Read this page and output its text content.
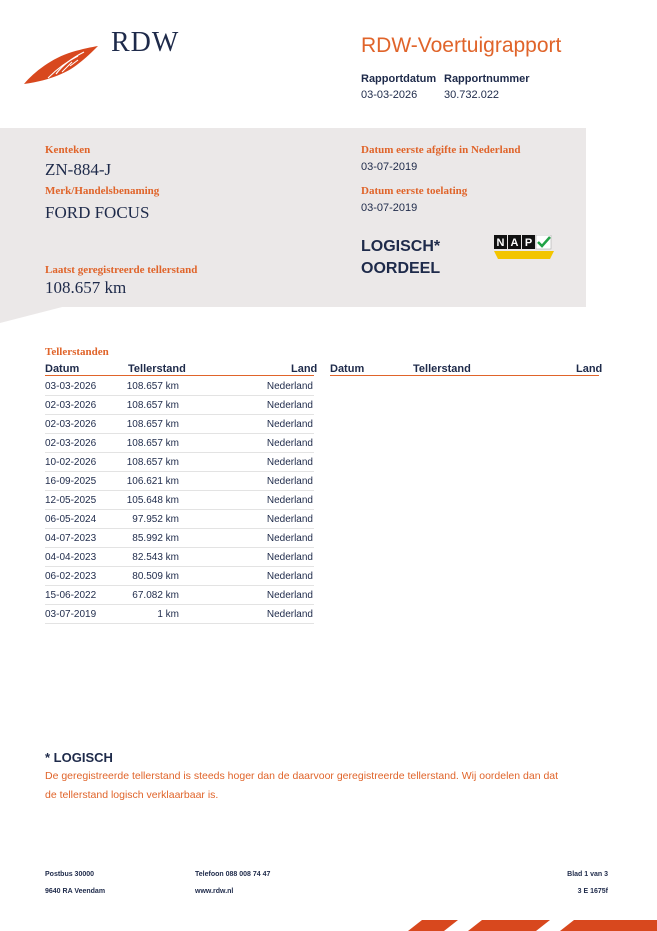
RDW	RDW-Voertuigrapport
Rapportdatum Rapportnummer
03-03-2026 30.732.022
Kenteken
ZN-884-J
Merk/Handelsbenaming
FORD FOCUS
Laatst geregistreerde tellerstand
108.657 km
Datum eerste afgifte in Nederland
03-07-2019
Datum eerste toelating
03-07-2019
LOGISCH*
OORDEEL
N A P
Tellerstanden
Datum	Tellerstand	Land Datum	Tellerstand	Land
03-03-2026	108.657 km	Nederland
02-03-2026	108.657 km	Nederland
02-03-2026	108.657 km	Nederland
02-03-2026	108.657 km	Nederland
10-02-2026	108.657 km	Nederland
16-09-2025	106.621 km	Nederland
12-05-2025	105.648 km	Nederland
06-05-2024	97.952 km	Nederland
04-07-2023	85.992 km	Nederland
04-04-2023	82.543 km	Nederland
06-02-2023	80.509 km	Nederland
15-06-2022	67.082 km	Nederland
03-07-2019	1 km	Nederland
* LOGISCH
De geregistreerde tellerstand is steeds hoger dan de daarvoor geregistreerde tellerstand. Wij oordelen dan dat de tellerstand logisch verklaarbaar is.
Postbus 30000
9640 RA Veendam
Telefoon 088 008 74 47
www.rdw.nl
Blad 1 van 3
3 E 1675f
